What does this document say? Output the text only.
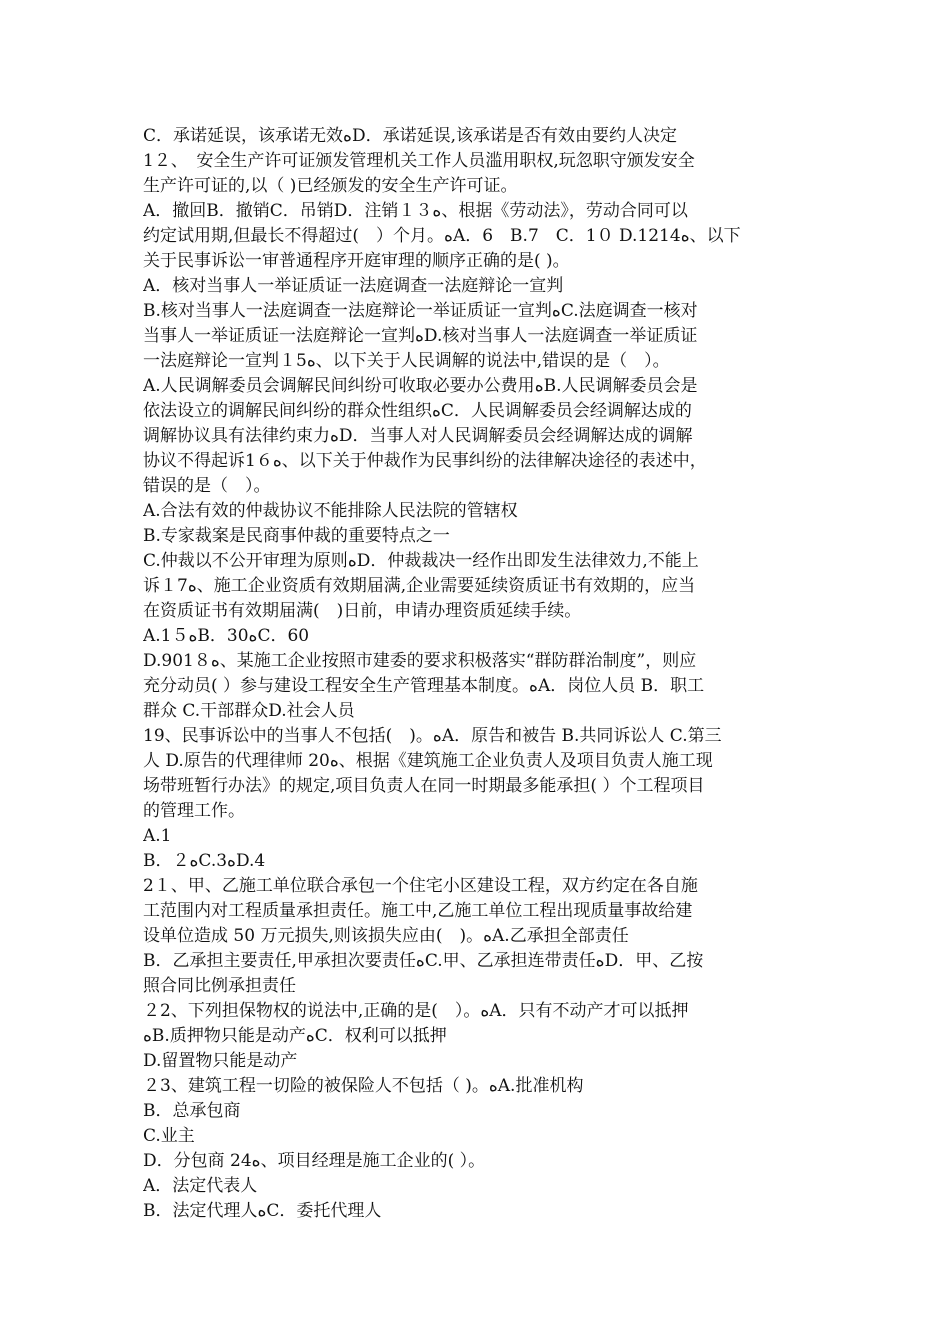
C．承诺延误，该承诺无效ﻩD．承诺延误,该承诺是否有效由要约人决定
1２、　安全生产许可证颁发管理机关工作人员滥用职权,玩忽职守颁发安全
生产许可证的,以（ )已经颁发的安全生产许可证。
A．撤回B．撤销C．吊销D．注销１３ﻩ、根据《劳动法》，劳动合同可以
约定试用期,但最长不得超过(　）个月。ﻩA．6　B.7　C．1０ D.1214ﻩ、以下
关于民事诉讼一审普通程序开庭审理的顺序正确的是( )。
A．核对当事人一举证质证一法庭调查一法庭辩论一宣判
B.核对当事人一法庭调查一法庭辩论一举证质证一宣判ﻩC.法庭调查一核对
当事人一举证质证一法庭辩论一宣判ﻩD.核对当事人一法庭调查一举证质证
一法庭辩论一宣判１5ﻩ、以下关于人民调解的说法中,错误的是（　）。
A.人民调解委员会调解民间纠纷可收取必要办公费用ﻩB.人民调解委员会是
依法设立的调解民间纠纷的群众性组织ﻩC．人民调解委员会经调解达成的
调解协议具有法律约束力ﻩD．当事人对人民调解委员会经调解达成的调解
协议不得起诉1６ﻩ、以下关于仲裁作为民事纠纷的法律解决途径的表述中，
错误的是（　）。
A.合法有效的仲裁协议不能排除人民法院的管辖权
B.专家裁案是民商事仲裁的重要特点之一
C.仲裁以不公开审理为原则ﻩD．仲裁裁决一经作出即发生法律效力,不能上
诉１7ﻩ、施工企业资质有效期届满,企业需要延续资质证书有效期的，应当
在资质证书有效期届满(　)日前，申请办理资质延续手续。
A.1５ﻩB．30ﻩC．60
D.901８ﻩ、某施工企业按照市建委的要求积极落实“群防群治制度”，则应
充分动员( ）参与建设工程安全生产管理基本制度。ﻩA．岗位人员 B．职工
群众 C.干部群众D.社会人员
19、民事诉讼中的当事人不包括(　)。ﻩA．原告和被告 B.共同诉讼人 C.第三
人 D.原告的代理律师 20ﻩ、根据《建筑施工企业负责人及项目负责人施工现
场带班暂行办法》的规定,项目负责人在同一时期最多能承担( ）个工程项目
的管理工作。
A.1
B．２ﻩC.3ﻩD.4
2１、甲、乙施工单位联合承包一个住宅小区建设工程，双方约定在各自施
工范围内对工程质量承担责任。施工中,乙施工单位工程出现质量事故给建
设单位造成 50 万元损失,则该损失应由(　)。ﻩA.乙承担全部责任
B．乙承担主要责任,甲承担次要责任ﻩC.甲、乙承担连带责任ﻩD．甲、乙按
照合同比例承担责任
２2、下列担保物权的说法中,正确的是(　）。ﻩA．只有不动产才可以抵押
ﻩB.质押物只能是动产ﻩC．权利可以抵押
D.留置物只能是动产
２3、建筑工程一切险的被保险人不包括（ )。ﻩA.批准机构
B．总承包商
C.业主
D．分包商 24ﻩ、项目经理是施工企业的( ）。
A．法定代表人
B．法定代理人ﻩC．委托代理人
